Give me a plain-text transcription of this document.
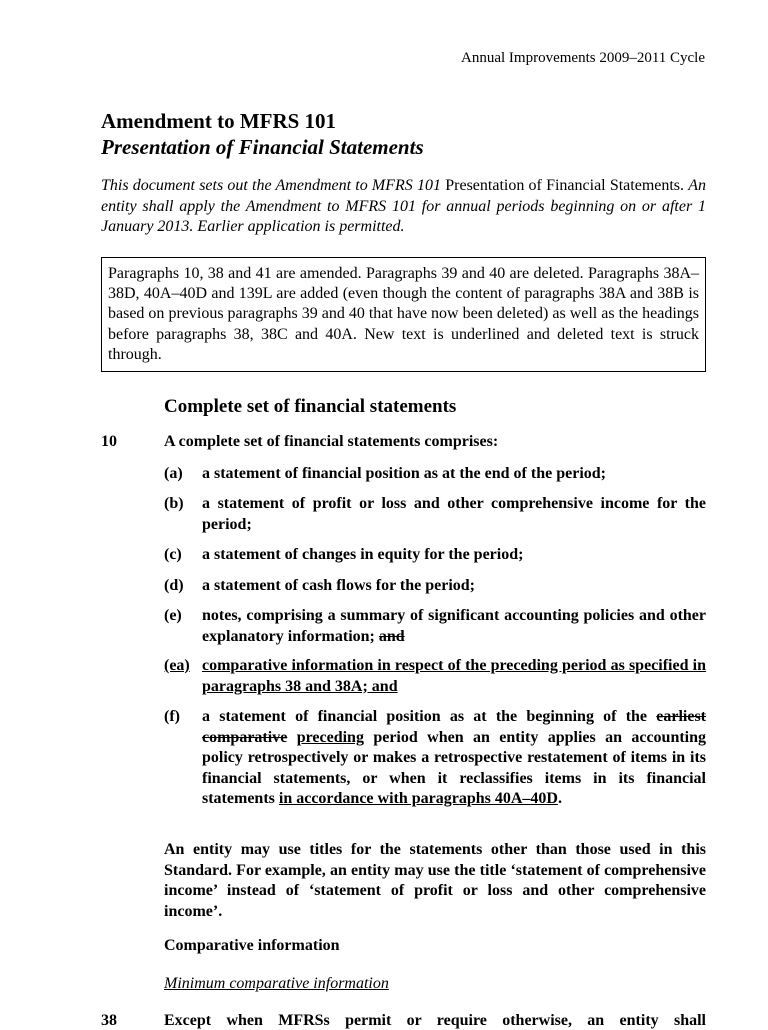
Annual Improvements 2009–2011 Cycle
Amendment to MFRS 101
Presentation of Financial Statements
This document sets out the Amendment to MFRS 101 Presentation of Financial Statements. An entity shall apply the Amendment to MFRS 101 for annual periods beginning on or after 1 January 2013. Earlier application is permitted.
Paragraphs 10, 38 and 41 are amended. Paragraphs 39 and 40 are deleted. Paragraphs 38A–38D, 40A–40D and 139L are added (even though the content of paragraphs 38A and 38B is based on previous paragraphs 39 and 40 that have now been deleted) as well as the headings before paragraphs 38, 38C and 40A. New text is underlined and deleted text is struck through.
Complete set of financial statements
10	A complete set of financial statements comprises:
(a) a statement of financial position as at the end of the period;
(b) a statement of profit or loss and other comprehensive income for the period;
(c) a statement of changes in equity for the period;
(d) a statement of cash flows for the period;
(e) notes, comprising a summary of significant accounting policies and other explanatory information; and
(ea) comparative information in respect of the preceding period as specified in paragraphs 38 and 38A; and
(f) a statement of financial position as at the beginning of the earliest comparative preceding period when an entity applies an accounting policy retrospectively or makes a retrospective restatement of items in its financial statements, or when it reclassifies items in its financial statements in accordance with paragraphs 40A–40D.
An entity may use titles for the statements other than those used in this Standard. For example, an entity may use the title ‘statement of comprehensive income’ instead of ‘statement of profit or loss and other comprehensive income’.
Comparative information
Minimum comparative information
38	Except when MFRSs permit or require otherwise, an entity shall
